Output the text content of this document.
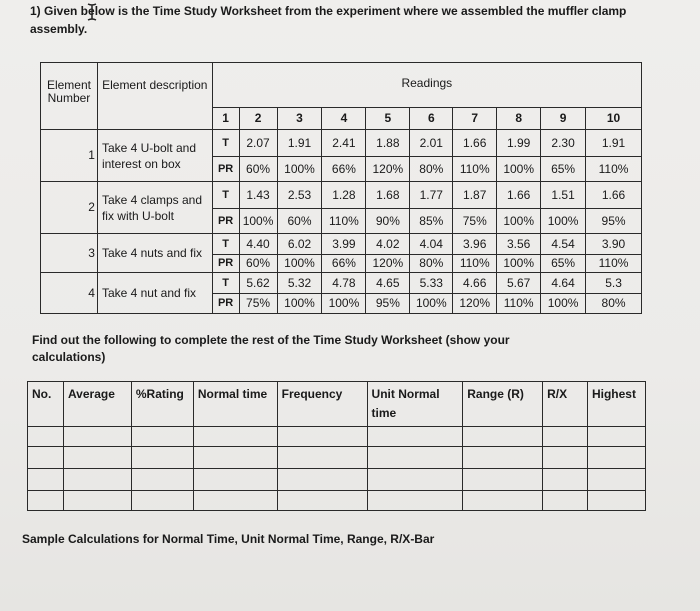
1) Given below is the Time Study Worksheet from the experiment where we assembled the muffler clamp assembly.
Element Number	Element description	Readings									
		1	2	3	4	5	6	7	8	9	10
1	Take 4 U-bolt and interest on box	T	2.07	1.91	2.41	1.88	2.01	1.66	1.99	2.30	1.91
		PR	60%	100%	66%	120%	80%	110%	100%	65%	110%
2	Take 4 clamps and fix with U-bolt	T	1.43	2.53	1.28	1.68	1.77	1.87	1.66	1.51	1.66
		PR	100%	60%	110%	90%	85%	75%	100%	100%	95%
3	Take 4 nuts and fix	T	4.40	6.02	3.99	4.02	4.04	3.96	3.56	4.54	3.90
		PR	60%	100%	66%	120%	80%	110%	100%	65%	110%
4	Take 4 nut and fix	T	5.62	5.32	4.78	4.65	5.33	4.66	5.67	4.64	5.3
		PR	75%	100%	100%	95%	100%	120%	110%	100%	80%
Find out the following to complete the rest of the Time Study Worksheet (show your calculations)
No.	Average	%Rating	Normal time	Frequency	Unit Normal time	Range (R)	R/X	Highest

Sample Calculations for Normal Time, Unit Normal Time, Range, R/X-Bar
